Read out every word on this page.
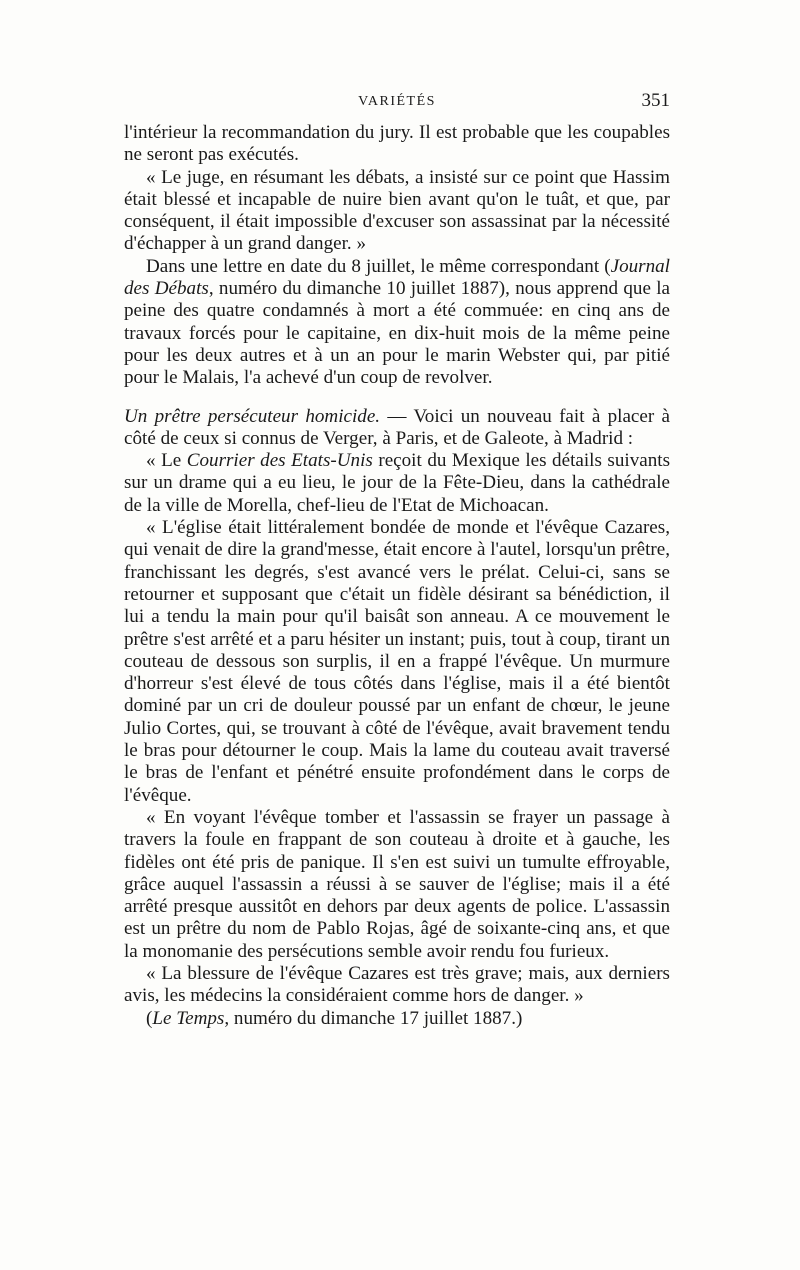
VARIÉTÉS	351

l'intérieur la recommandation du jury. Il est probable que les coupables ne seront pas exécutés.

« Le juge, en résumant les débats, a insisté sur ce point que Hassim était blessé et incapable de nuire bien avant qu'on le tuât, et que, par conséquent, il était impossible d'excuser son assassinat par la nécessité d'échapper à un grand danger. »

Dans une lettre en date du 8 juillet, le même correspondant (Journal des Débats, numéro du dimanche 10 juillet 1887), nous apprend que la peine des quatre condamnés à mort a été commuée: en cinq ans de travaux forcés pour le capitaine, en dix-huit mois de la même peine pour les deux autres et à un an pour le marin Webster qui, par pitié pour le Malais, l'a achevé d'un coup de revolver.

Un prêtre persécuteur homicide. — Voici un nouveau fait à placer à côté de ceux si connus de Verger, à Paris, et de Galeote, à Madrid :

« Le Courrier des Etats-Unis reçoit du Mexique les détails suivants sur un drame qui a eu lieu, le jour de la Fête-Dieu, dans la cathédrale de la ville de Morella, chef-lieu de l'Etat de Michoacan.

« L'église était littéralement bondée de monde et l'évêque Cazares, qui venait de dire la grand'messe, était encore à l'autel, lorsqu'un prêtre, franchissant les degrés, s'est avancé vers le prélat. Celui-ci, sans se retourner et supposant que c'était un fidèle désirant sa bénédiction, il lui a tendu la main pour qu'il baisât son anneau. A ce mouvement le prêtre s'est arrêté et a paru hésiter un instant; puis, tout à coup, tirant un couteau de dessous son surplis, il en a frappé l'évêque. Un murmure d'horreur s'est élevé de tous côtés dans l'église, mais il a été bientôt dominé par un cri de douleur poussé par un enfant de chœur, le jeune Julio Cortes, qui, se trouvant à côté de l'évêque, avait bravement tendu le bras pour détourner le coup. Mais la lame du couteau avait traversé le bras de l'enfant et pénétré ensuite profondément dans le corps de l'évêque.

« En voyant l'évêque tomber et l'assassin se frayer un passage à travers la foule en frappant de son couteau à droite et à gauche, les fidèles ont été pris de panique. Il s'en est suivi un tumulte effroyable, grâce auquel l'assassin a réussi à se sauver de l'église; mais il a été arrêté presque aussitôt en dehors par deux agents de police. L'assassin est un prêtre du nom de Pablo Rojas, âgé de soixante-cinq ans, et que la monomanie des persécutions semble avoir rendu fou furieux.

« La blessure de l'évêque Cazares est très grave; mais, aux derniers avis, les médecins la considéraient comme hors de danger. »

(Le Temps, numéro du dimanche 17 juillet 1887.)
